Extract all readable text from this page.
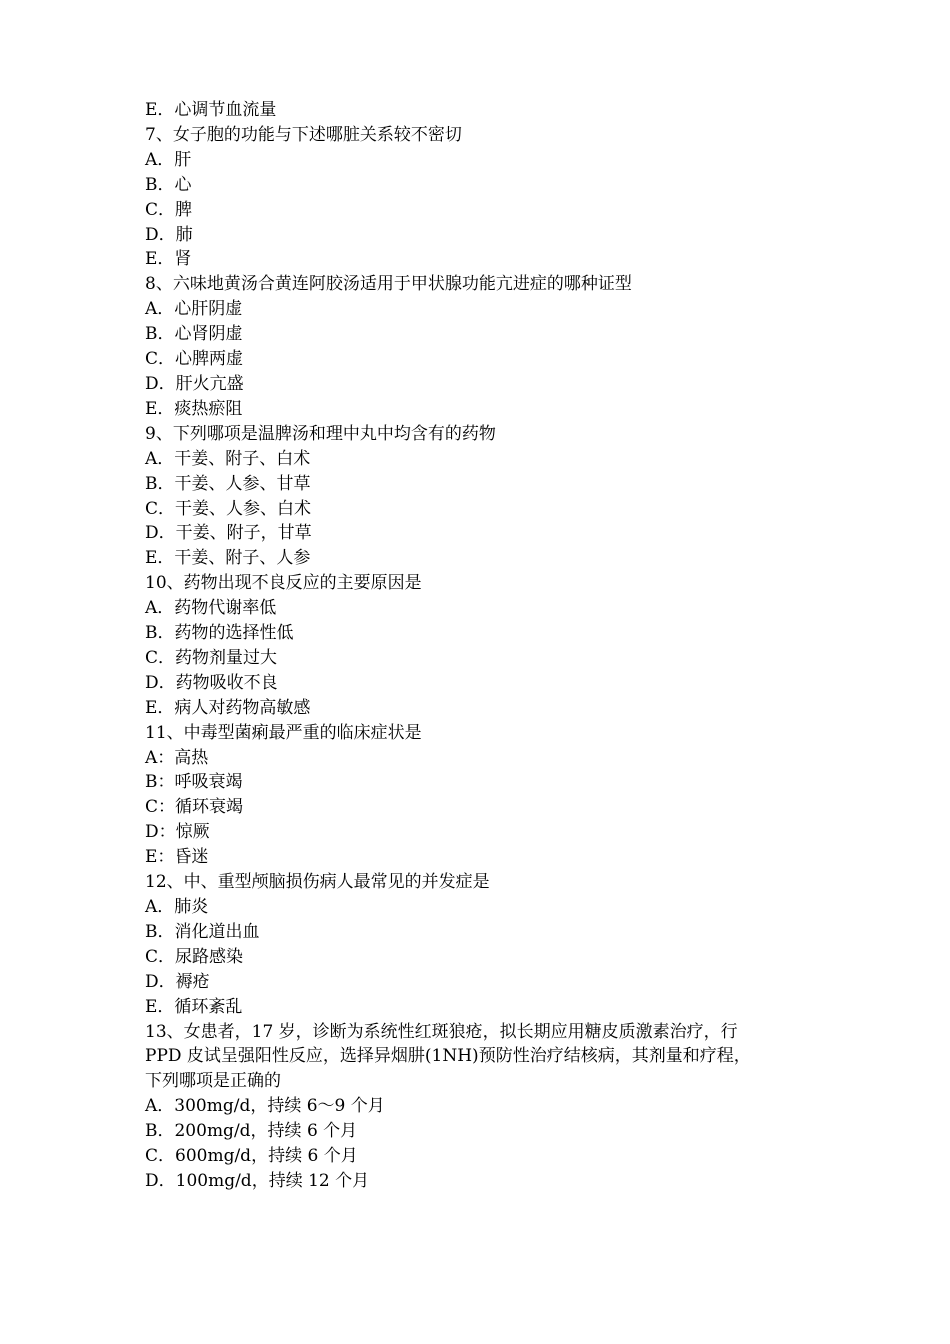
E．心调节血流量
7、女子胞的功能与下述哪脏关系较不密切
A．肝
B．心
C．脾
D．肺
E．肾
8、六味地黄汤合黄连阿胶汤适用于甲状腺功能亢进症的哪种证型
A．心肝阴虚
B．心肾阴虚
C．心脾两虚
D．肝火亢盛
E．痰热瘀阻
9、下列哪项是温脾汤和理中丸中均含有的药物
A．干姜、附子、白术
B．干姜、人参、甘草
C．干姜、人参、白术
D．干姜、附子，甘草
E．干姜、附子、人参
10、药物出现不良反应的主要原因是
A．药物代谢率低
B．药物的选择性低
C．药物剂量过大
D．药物吸收不良
E．病人对药物高敏感
11、中毒型菌痢最严重的临床症状是
A：高热
B：呼吸衰竭
C：循环衰竭
D：惊厥
E：昏迷
12、中、重型颅脑损伤病人最常见的并发症是
A．肺炎
B．消化道出血
C．尿路感染
D．褥疮
E．循环紊乱
13、女患者，17 岁，诊断为系统性红斑狼疮，拟长期应用糖皮质激素治疗，行
PPD 皮试呈强阳性反应，选择异烟肼(1NH)预防性治疗结核病，其剂量和疗程，
下列哪项是正确的
A．300mg/d，持续 6～9 个月
B．200mg/d，持续 6 个月
C．600mg/d，持续 6 个月
D．100mg/d，持续 12 个月
